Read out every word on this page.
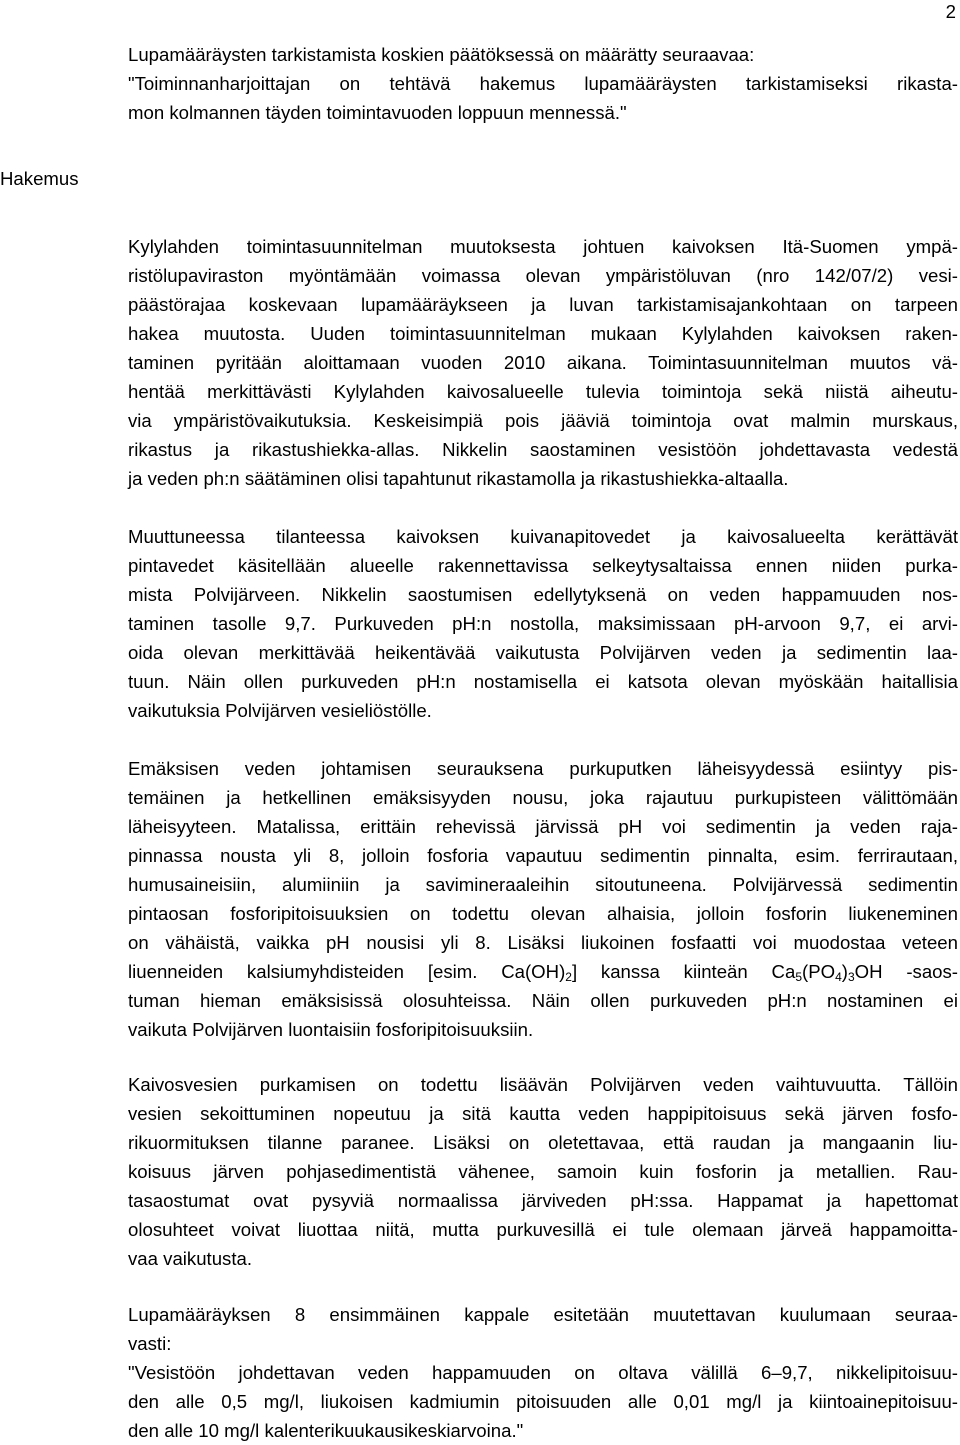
2
Lupamääräysten tarkistamista koskien päätöksessä on määrätty seuraavaa:
"Toiminnanharjoittajan on tehtävä hakemus lupamääräysten tarkistamiseksi rikasta-
mon kolmannen täyden toimintavuoden loppuun mennessä."
Hakemus
Kylylahden toimintasuunnitelman muutoksesta johtuen kaivoksen Itä-Suomen ympä-
ristölupaviraston myöntämään voimassa olevan ympäristöluvan (nro 142/07/2) vesi-
päästörajaa koskevaan lupamääräykseen ja luvan tarkistamisajankohtaan on tarpeen
hakea muutosta. Uuden toimintasuunnitelman mukaan Kylylahden kaivoksen raken-
taminen pyritään aloittamaan vuoden 2010 aikana. Toimintasuunnitelman muutos vä-
hentää merkittävästi Kylylahden kaivosalueelle tulevia toimintoja sekä niistä aiheutu-
via ympäristövaikutuksia. Keskeisimpiä pois jääviä toimintoja ovat malmin murskaus,
rikastus ja rikastushiekka-allas. Nikkelin saostaminen vesistöön johdettavasta vedestä
ja veden ph:n säätäminen olisi tapahtunut rikastamolla ja rikastushiekka-altaalla.
Muuttuneessa tilanteessa kaivoksen kuivanapitovedet ja kaivosalueelta kerättävät
pintavedet käsitellään alueelle rakennettavissa selkeytysaltaissa ennen niiden purka-
mista Polvijärveen. Nikkelin saostumisen edellytyksenä on veden happamuuden nos-
taminen tasolle 9,7. Purkuveden pH:n nostolla, maksimissaan pH-arvoon 9,7, ei arvi-
oida olevan merkittävää heikentävää vaikutusta Polvijärven veden ja sedimentin laa-
tuun. Näin ollen purkuveden pH:n nostamisella ei katsota olevan myöskään haitallisia
vaikutuksia Polvijärven vesieliöstölle.
Emäksisen veden johtamisen seurauksena purkuputken läheisyydessä esiintyy pis-
temäinen ja hetkellinen emäksisyyden nousu, joka rajautuu purkupisteen välittömään
läheisyyteen. Matalissa, erittäin rehevissä järvissä pH voi sedimentin ja veden raja-
pinnassa nousta yli 8, jolloin fosforia vapautuu sedimentin pinnalta, esim. ferrirautaan,
humusaineisiin, alumiiniin ja savimineraaleihin sitoutuneena. Polvijärvessä sedimentin
pintaosan fosforipitoisuuksien on todettu olevan alhaisia, jolloin fosforin liukeneminen
on vähäistä, vaikka pH nousisi yli 8. Lisäksi liukoinen fosfaatti voi muodostaa veteen
liuenneiden kalsiumyhdisteiden [esim. $Ca(OH)_2$] kanssa kiinteän $Ca_5(PO_4)_3OH$ -saos-
tuman hieman emäksisissä olosuhteissa. Näin ollen purkuveden pH:n nostaminen ei
vaikuta Polvijärven luontaisiin fosforipitoisuuksiin.
Kaivosvesien purkamisen on todettu lisäävän Polvijärven veden vaihtuvuutta. Tällöin
vesien sekoittuminen nopeutuu ja sitä kautta veden happipitoisuus sekä järven fosfo-
rikuormituksen tilanne paranee. Lisäksi on oletettavaa, että raudan ja mangaanin liu-
koisuus järven pohjasedimentistä vähenee, samoin kuin fosforin ja metallien. Rau-
tasaostumat ovat pysyviä normaalissa järviveden pH:ssa. Happamat ja hapettomat
olosuhteet voivat liuottaa niitä, mutta purkuvesillä ei tule olemaan järveä happamoitta-
vaa vaikutusta.
Lupamääräyksen 8 ensimmäinen kappale esitetään muutettavan kuulumaan seuraa-
vasti:
"Vesistöön johdettavan veden happamuuden on oltava välillä 6–9,7, nikkelipitoisuu-
den alle 0,5 mg/l, liukoisen kadmiumin pitoisuuden alle 0,01 mg/l ja kiintoainepitoisuu-
den alle 10 mg/l kalenterikuukausikeskiarvoina."
